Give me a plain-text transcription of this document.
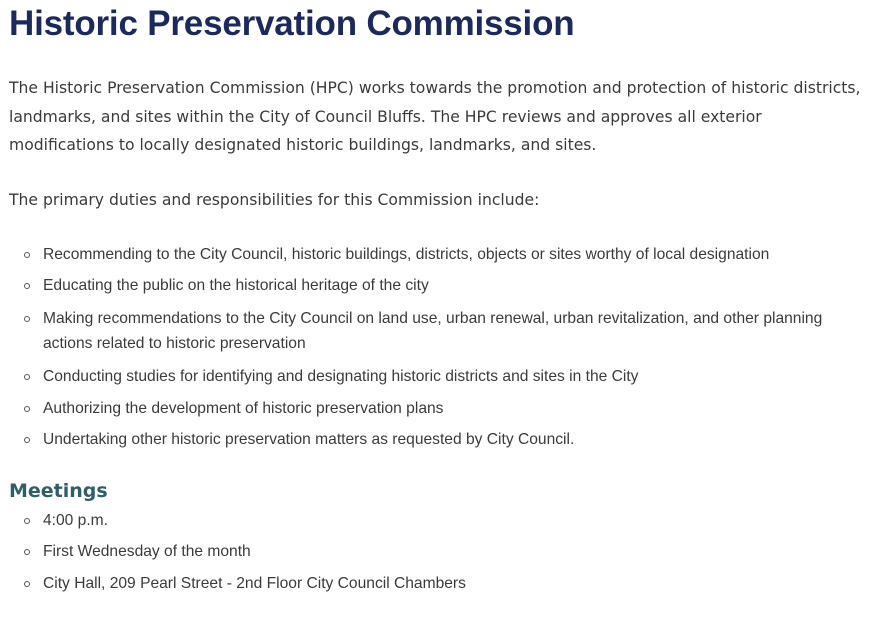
Historic Preservation Commission

The Historic Preservation Commission (HPC) works towards the promotion and protection of historic districts, landmarks, and sites within the City of Council Bluffs. The HPC reviews and approves all exterior modifications to locally designated historic buildings, landmarks, and sites.

The primary duties and responsibilities for this Commission include:

Recommending to the City Council, historic buildings, districts, objects or sites worthy of local designation
Educating the public on the historical heritage of the city
Making recommendations to the City Council on land use, urban renewal, urban revitalization, and other planning actions related to historic preservation
Conducting studies for identifying and designating historic districts and sites in the City
Authorizing the development of historic preservation plans
Undertaking other historic preservation matters as requested by City Council.
Meetings
4:00 p.m.
First Wednesday of the month
City Hall, 209 Pearl Street - 2nd Floor City Council Chambers
